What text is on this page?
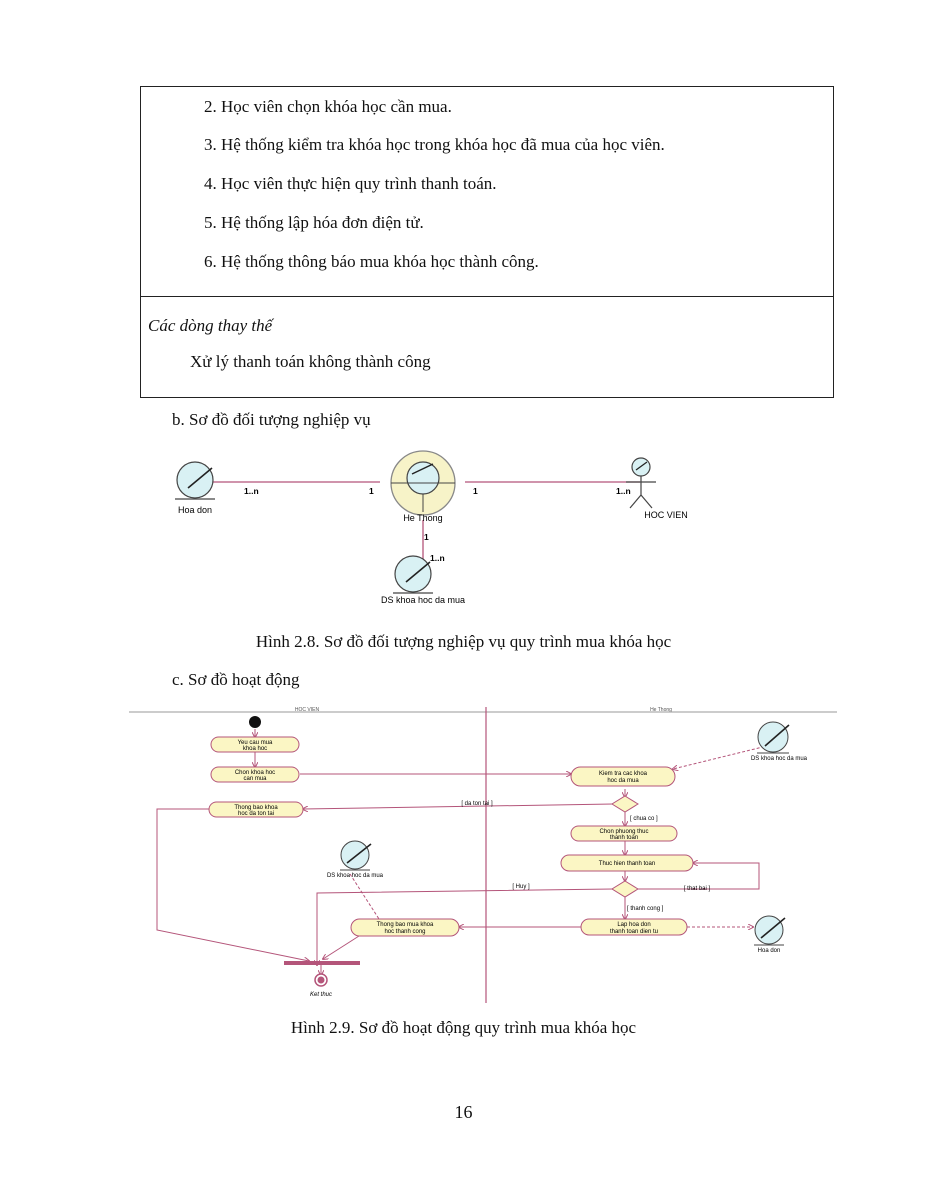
2. Học viên chọn khóa học cần mua.
3. Hệ thống kiểm tra khóa học trong khóa học đã mua của học viên.
4. Học viên thực hiện quy trình thanh toán.
5. Hệ thống lập hóa đơn điện tử.
6. Hệ thống thông báo mua khóa học thành công.
Các dòng thay thế
Xử lý thanh toán không thành công
b. Sơ đồ đối tượng nghiệp vụ
Hoa don
He Thong	HOC VIEN
DS khoa hoc da mua
1..n	1	1	1..n
1
1..n
Hình 2.8. Sơ đồ đối tượng nghiệp vụ quy trình mua khóa học
c. Sơ đồ hoạt động
HOC VIEN	He Thong
Yeu cau mua
khoa hoc
Chon khoa hoc
can mua
Thong bao khoa
hoc da ton tai
Kiem tra cac khoa
hoc da mua
Chon phuong thuc
thanh toan
Thuc hien thanh toan
Lap hoa don
thanh toan dien tu
Thong bao mua khoa
hoc thanh cong
[ da ton tai ]
[ chua co ]
[ Huy ]	[ that bai ]
[ thanh cong ]
DS khoa hoc da mua
DS khoa hoc da mua
Hoa don
Ket thuc
Hình 2.9. Sơ đồ hoạt động quy trình mua khóa học
16
